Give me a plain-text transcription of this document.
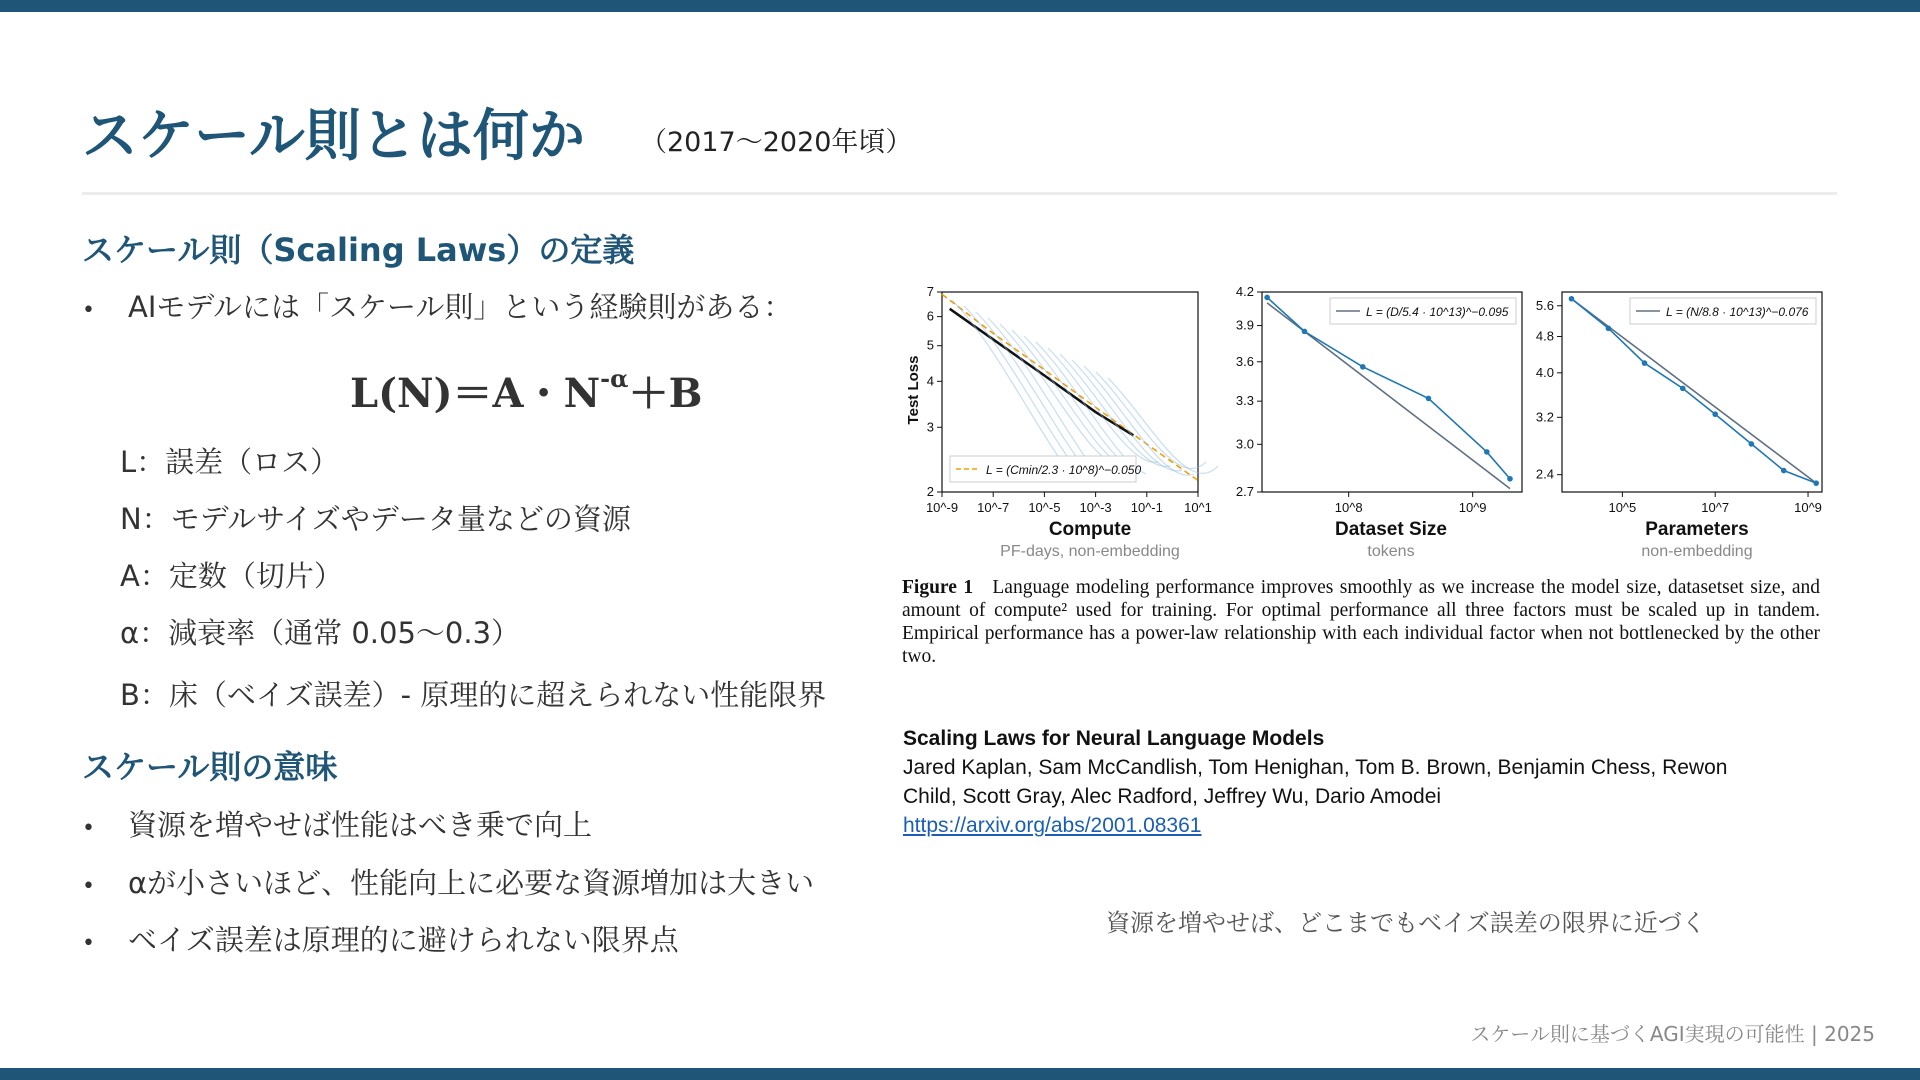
スケール則とは何か （2017〜2020年頃）
スケール則（Scaling Laws）の定義
• AIモデルには「スケール則」という経験則がある：
L(N)＝A・$N^{-\alpha}+B$
L：誤差（ロス）
N：モデルサイズやデータ量などの資源
A：定数（切片）
α：減衰率（通常 0.05〜0.3）
B：床（ベイズ誤差）- 原理的に超えられない性能限界
スケール則の意味
• 資源を増やせば性能はべき乗で向上
• αが小さいほど、性能向上に必要な資源増加は大きい
• ベイズ誤差は原理的に避けられない限界点
Test Loss
10^-9 10^-7 10^-5 10^-3 10^-1 10^1
2
3
4
5
6
7
L = (Cmin/2.3 · 10^8)^−0.050
10^8	10^9
2.7
3.0
3.3
3.6
3.9
4.2
L = (D/5.4 · 10^13)^−0.095
10^5	10^7	10^9
2.4
3.2
4.0
4.8
5.6	L = (N/8.8 · 10^13)^−0.076
Compute
PF-days, non-embedding
Dataset Size
tokens
Parameters
non-embedding
Figure 1 Language modeling performance improves smoothly as we increase the model size, datasetset size, and amount of compute² used for training. For optimal performance all three factors must be scaled up in tandem. Empirical performance has a power-law relationship with each individual factor when not bottlenecked by the other two.
Scaling Laws for Neural Language Models
Jared Kaplan, Sam McCandlish, Tom Henighan, Tom B. Brown, Benjamin Chess, Rewon
Child, Scott Gray, Alec Radford, Jeffrey Wu, Dario Amodei
https://arxiv.org/abs/2001.08361
資源を増やせば、どこまでもベイズ誤差の限界に近づく
スケール則に基づくAGI実現の可能性 | 2025
